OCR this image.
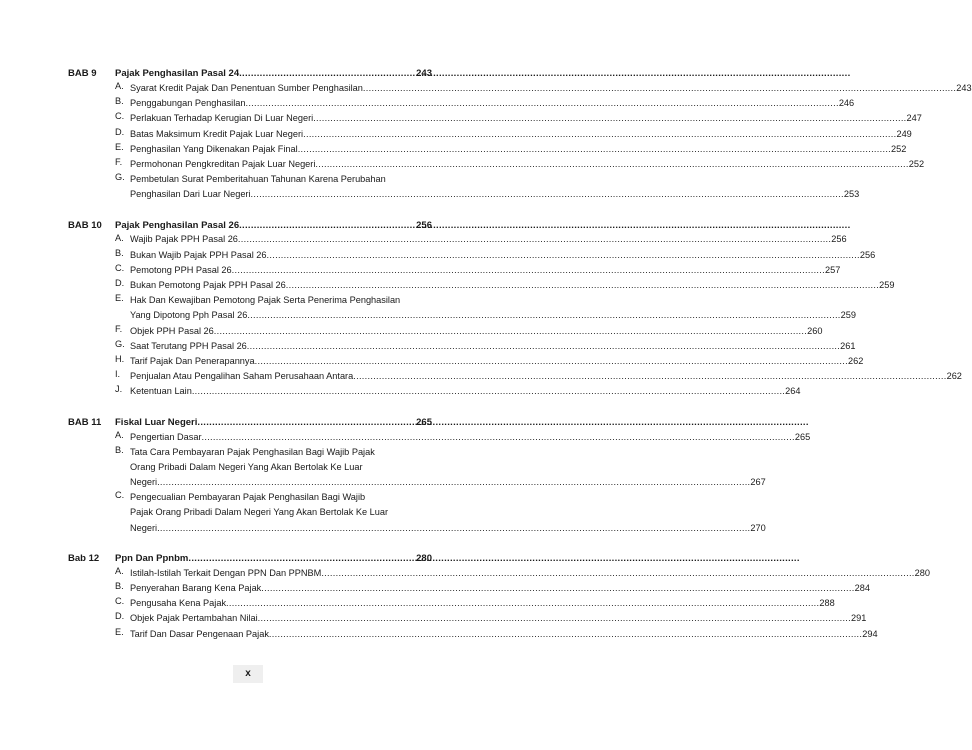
BAB 9	Pajak Penghasilan Pasal 24 .....	243
A. Syarat Kredit Pajak Dan Penentuan Sumber Penghasilan .....	243
B. Penggabungan Penghasilan .....	246
C. Perlakuan Terhadap Kerugian Di Luar Negeri .....	247
D. Batas Maksimum Kredit Pajak Luar Negeri .....	249
E. Penghasilan Yang Dikenakan Pajak Final .....	252
F. Permohonan Pengkreditan Pajak Luar Negeri .....	252
G. Pembetulan Surat Pemberitahuan Tahunan Karena Perubahan
Penghasilan Dari Luar Negeri .....	253
BAB 10	Pajak Penghasilan Pasal 26 .....	256
A. Wajib Pajak PPH Pasal 26 .....	256
B. Bukan Wajib Pajak PPH Pasal 26 .....	256
C. Pemotong PPH Pasal 26 .....	257
D. Bukan Pemotong Pajak PPH Pasal 26 .....	259
E. Hak Dan Kewajiban Pemotong Pajak Serta Penerima Penghasilan
Yang Dipotong Pph Pasal 26 .....	259
F. Objek PPH Pasal 26 .....	260
G. Saat Terutang PPH Pasal 26 .....	261
H. Tarif Pajak Dan Penerapannya .....	262
I.	Penjualan Atau Pengalihan Saham Perusahaan Antara .....	262
J. Ketentuan Lain .....	264
BAB 11	Fiskal Luar Negeri .....	265
A. Pengertian Dasar .....	265
B. Tata Cara Pembayaran Pajak Penghasilan Bagi Wajib Pajak
Orang Pribadi Dalam Negeri Yang Akan Bertolak Ke Luar
Negeri .....	267
C. Pengecualian Pembayaran Pajak Penghasilan Bagi Wajib
Pajak Orang Pribadi Dalam Negeri Yang Akan Bertolak Ke Luar
Negeri .....	270
Bab 12	Ppn Dan Ppnbm .....	280
A. Istilah-Istilah Terkait Dengan PPN Dan PPNBM .....	280
B. Penyerahan Barang Kena Pajak .....	284
C. Pengusaha Kena Pajak .....	288
D. Objek Pajak Pertambahan Nilai .....	291
E. Tarif Dan Dasar Pengenaan Pajak .....	294
x
